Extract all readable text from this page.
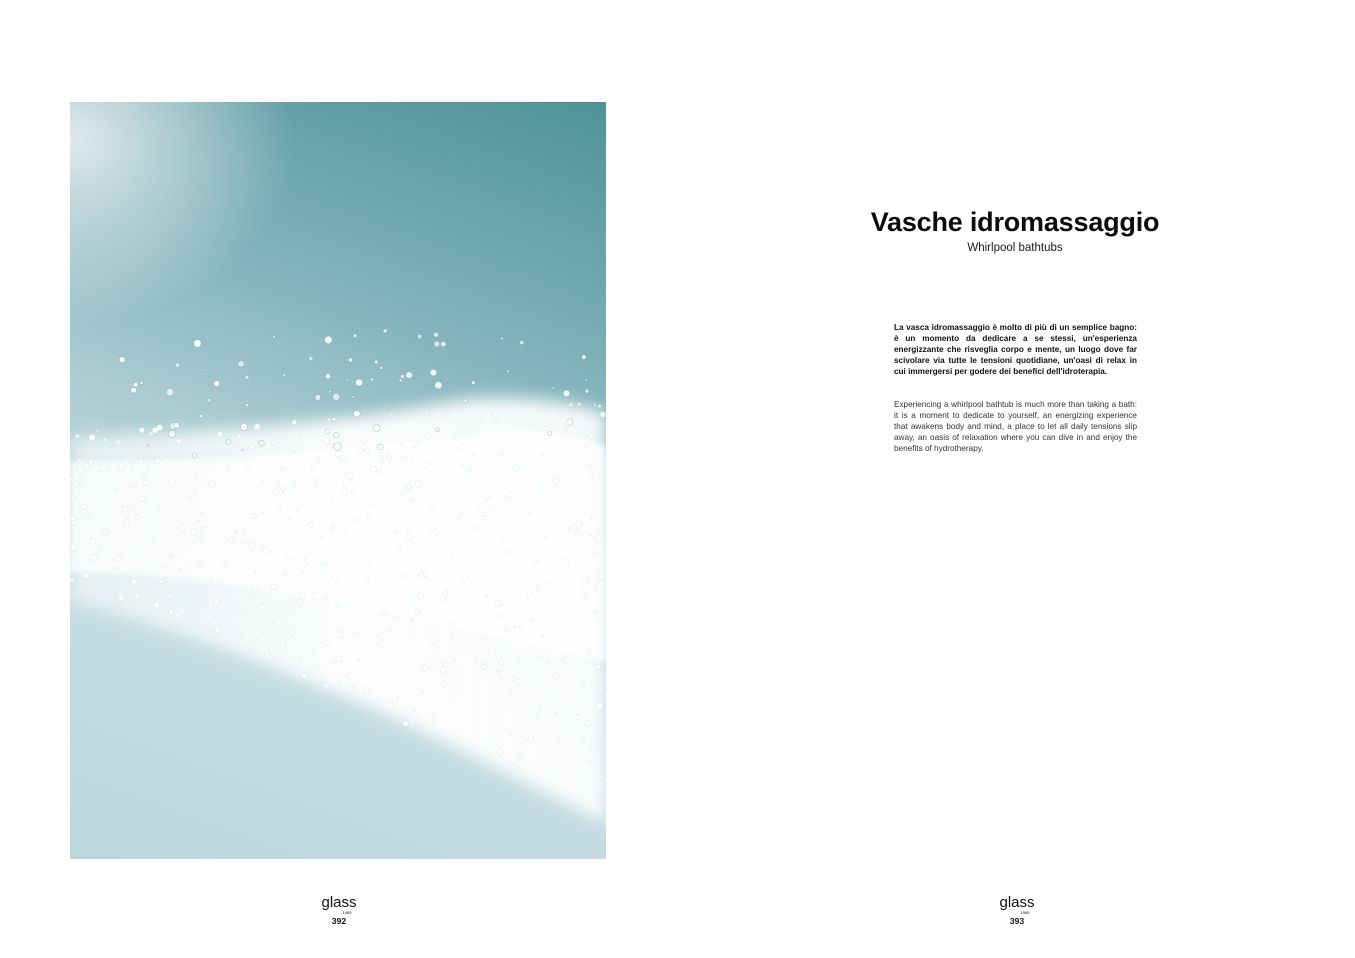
glass
1989
392
Vasche idromassaggio
Whirlpool bathtubs
La vasca idromassaggio è molto di più di un semplice bagno: è un momento da dedicare a se stessi, un'esperienza energizzante che risveglia corpo e mente, un luogo dove far scivolare via tutte le tensioni quotidiane, un'oasi di relax in cui immergersi per godere dei benefici dell'idroterapia.
Experiencing a whirlpool bathtub is much more than taking a bath: it is a moment to dedicate to yourself, an energizing experience that awakens body and mind, a place to let all daily tensions slip away, an oasis of relaxation where you can dive in and enjoy the benefits of hydrotherapy.
glass
1989
393
